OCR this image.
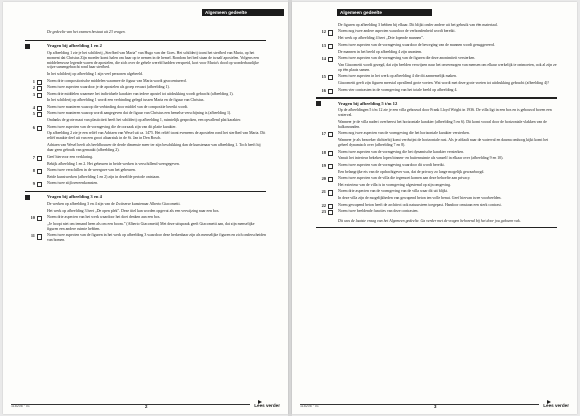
Algemeen gedeelte
De gedeelte van het examen bestaat uit 23 vragen.
Vragen bij afbeelding 1 en 2
Op afbeelding 1 zie je het schilderij „Sterfbed van Maria” van Hugo van der Goes. Het schilderij toont het sterfbed van Maria, op het moment dat Christus Zijn moeder komt halen om haar op te nemen in de hemel. Rondom het bed staan de twaalf apostelen. Volgens een middeleeuwse legende waren de apostelen, die zich over de gehele wereld hadden verspreid, kort voor Maria's dood op wonderbaarlijke wijze samengebracht rond haar sterfbed.
In het schilderij op afbeelding 1 zijn veel personen afgebeeld.
1	Noem drie compositorische middelen waarmee de figuur van Maria wordt geaccentueerd.
2	Noem twee aspecten waardoor je de apostelen als groep ervaart (afbeelding 1).
3	Noem drie middelen waarmee het individuele karakter van iedere apostel tot uitdrukking wordt gebracht (afbeelding 1).
In het schilderij op afbeelding 1 wordt een verbinding gelegd tussen Maria en de figuur van Christus.
4	Noem twee manieren waarop die verbinding door middel van de compositie bereikt wordt.
5	Noem twee manieren waarop wordt aangegeven dat de figuur van Christus een hemelse verschijning is (afbeelding 1).
Ondanks de grote maat van plasticiteit heeft het schilderij op afbeelding 1, ruimtelijk gesproken, een opvallend plat karakter.
6	Noem twee aspecten van de vormgeving die de oorzaak zijn van dit platte karakter.
Op afbeelding 2 zie je een reliëf van Adriaen van Wesel uit ca. 1475. Het reliëf toont eveneens de apostelen rond het sterfbed van Maria. Dit reliëf maakte deel uit van een groot altaarstuk in de St. Jan in Den Bosch.
Adriaen van Wesel heeft als beeldhouwer de derde dimensie meer ter zijn beschikking dan de kunstenaar van afbeelding 1. Toch heeft hij daar geen gebruik van gemaakt (afbeelding 2).
7	Geef hiervoor een verklaring.
Bekijk afbeelding 1 en 2. Het gebeuren in beide werken is verschillend weergegeven.
8	Noem twee verschillen in de weergave van het gebeuren.
Beide kunstwerken (afbeelding 1 en 2) zijn in dezelfde periode ontstaan.
9	Noem twee stijlovereenkomsten.
Vragen bij afbeelding 3 en 4
De werken op afbeelding 3 en 4 zijn van de Zwitserse kunstenaar Alberto Giacometti.
Het werk op afbeelding 3 heet „De open plek”. Deze titel kan worden opgevat als een verwijzing naar een bos.
10	Noem drie aspecten van het werk waardoor het doet denken aan een bos.
„Je hoopt niet om iemand heen als om een boom.” (Alberto Giacometti) Met deze uitspraak geeft Giacometti aan, dat zijn menselijke figuren een andere ruimte hebben.
11	Noem twee aspecten van de figuren in het werk op afbeelding 3 waardoor deze herkenbaar zijn als menselijke figuren en zich onderscheiden van bomen.
118206 · 01	2	Lees verder
Algemeen gedeelte
De figuren op afbeelding 3 hebben bij elkaar. Dit blijkt onder andere uit het gebruik van één materiaal.
12	Noem nog twee andere aspecten waardoor de verbondenheid wordt bereikt.
Het werk op afbeelding 4 heet „Drie lopende mannen”.
13	Noem twee aspecten van de vormgeving waardoor de beweging van de mannen wordt gesuggereerd.
De mannen in het beeld op afbeelding 4 zijn anoniem.
14	Noem twee aspecten van de vormgeving van de figuren die deze anonimiteit versterken.
Van Giacometti wordt gezegd, dat zijn beelden verwijzen naar het onvermogen van mensen om elkaar werkelijk te ontmoeten, ook al zijn ze op één plaats samen.
15	Noem twee aspecten in het werk op afbeelding 4 die dit aannemelijk maken.
Giacometti geeft zijn figuren meestal opvallend grote voeten. Wat wordt met deze grote voeten tot uitdrukking gebracht (afbeelding 4)?
16	Noem vier contrasten in de vormgeving van het totale beeld op afbeelding 4.
Vragen bij afbeelding 5 t/m 12
Op de afbeeldingen 5 t/m 12 zie je een villa gebouwd door Frank Lloyd Wright in 1936. De villa ligt in een bos en is gebouwd boven een waterval.
Wanneer je de villa nadert overheerst het horizontale karakter (afbeelding 5 en 6). Dit komt vooral door de horizontale vlakken van de balkonranden.
17	Noem nog twee aspecten van de vormgeving die het horizontale karakter versterken.
Wanneer je als bezoeker dichterbij komt verdwijnt de horizontale rust. Als je afdaalt naar de waterval en daarna omhoog kijkt komt het geheel dynamisch over (afbeelding 7 en 8).
18	Noem twee aspecten van de vormgeving die het dynamische karakter versterken.
Vanuit het interieur bekeken lopen binnen- en buitenruimte als vanzelf in elkaar over (afbeelding 9 en 10).
19	Noem twee aspecten van de vormgeving waardoor dit wordt bereikt.
Een belangrijke eis van de opdrachtgever was, dat de privacy zo lange mogelijk gewaarborgd.
20	Noem twee aspecten van de villa die tegemoet komen aan deze behoefte aan privacy.
Het exterieur van de villa is in vormgeving afgestemd op zijn omgeving.
21	Noem drie aspecten van de vormgeving van de villa waar dit uit blijkt.
In deze villa zijn de mogelijkheden van gewapend beton ten volle benut. Geef hiervan twee voorbeelden.
22	Noem gewapend beton heeft de architect ook natuursteen toegepast. Handoor omstaan een sterk contrast.
23	Noem twee beeldende functies van deze contrasten.
Dit was de laatste vraag van het Algemeen gedeelte. Ga verder met de vragen behorend bij het door jou gekozen vak.
118206 · 01	3	Lees verder
